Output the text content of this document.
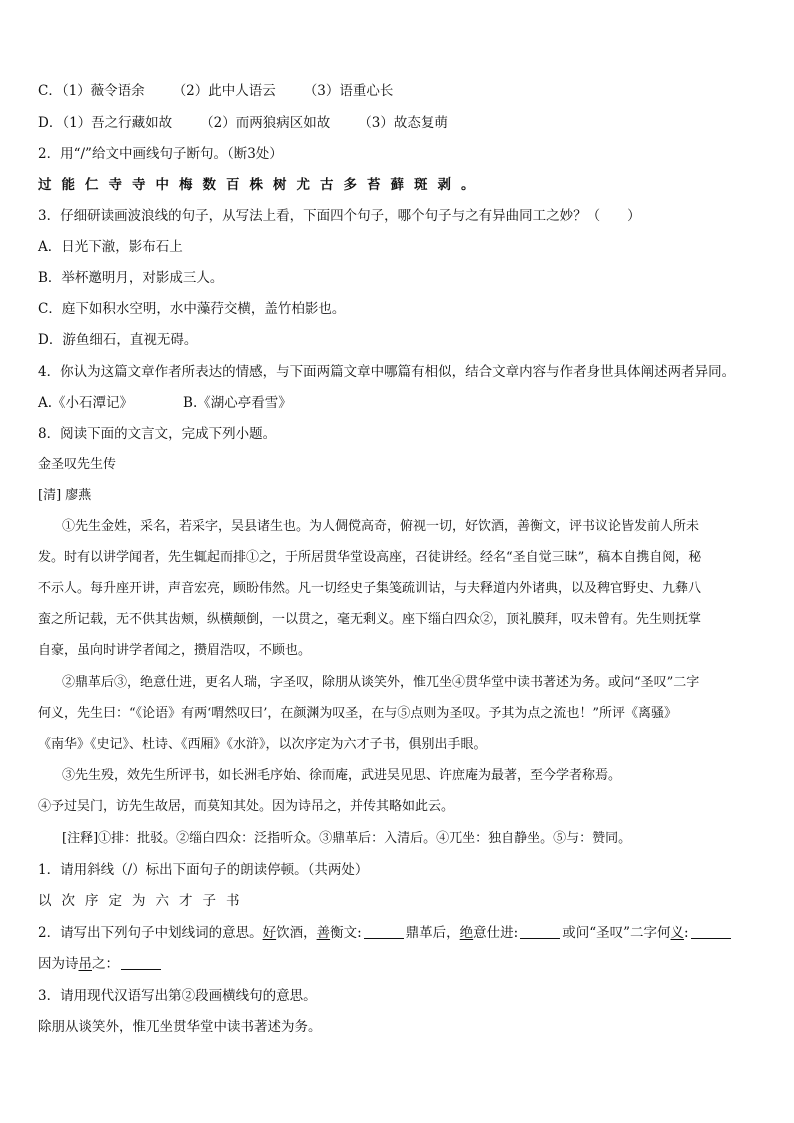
C．（1）薇令语余 （2）此中人语云 （3）语重心长
D．（1）吾之行藏如故 （2）而两狼病区如故 （3）故态复萌
2．用“/”给文中画线句子断句。（断3处）
过能仁寺寺中梅数百株树尤古多苔藓斑剥。
3．仔细研读画波浪线的句子，从写法上看，下面四个句子，哪个句子与之有异曲同工之妙？（　　）
A．日光下澈，影布石上
B．举杯邀明月，对影成三人。
C．庭下如积水空明，水中藻荇交横，盖竹柏影也。
D．游鱼细石，直视无碍。
4．你认为这篇文章作者所表达的情感，与下面两篇文章中哪篇有相似，结合文章内容与作者身世具体阐述两者异同。
A.《小石潭记》	B.《湖心亭看雪》
8．阅读下面的文言文，完成下列小题。
金圣叹先生传
[清] 廖燕
①先生金姓，采名，若采字，吴县诸生也。为人倜傥高奇，俯视一切，好饮酒，善衡文，评书议论皆发前人所未
发。时有以讲学闻者，先生辄起而排①之，于所居贯华堂设高座，召徒讲经。经名“圣自觉三昧”，稿本自携自阅，秘
不示人。每升座开讲，声音宏亮，顾盼伟然。凡一切经史子集笺疏训诂，与夫释道内外诸典，以及稗官野史、九彝八
蛮之所记载，无不供其齿颊，纵横颠倒，一以贯之，毫无剩义。座下缁白四众②，顶礼膜拜，叹未曾有。先生则抚掌
自豪，虽向时讲学者闻之，攒眉浩叹，不顾也。
②鼎革后③，绝意仕进，更名人瑞，字圣叹，除朋从谈笑外，惟兀坐④贯华堂中读书著述为务。或问“圣叹”二字
何义，先生曰：“《论语》有两‘喟然叹曰’，在颜渊为叹圣，在与⑤点则为圣叹。予其为点之流也！”所评《离骚》
《南华》《史记》、杜诗、《西厢》《水浒》，以次序定为六才子书，俱别出手眼。
③先生殁，效先生所评书，如长洲毛序始、徐而庵，武进吴见思、许庶庵为最著，至今学者称焉。
④予过吴门，访先生故居，而莫知其处。因为诗吊之，并传其略如此云。
[注释]①排：批驳。②缁白四众：泛指听众。③鼎革后：入清后。④兀坐：独自静坐。⑤与：赞同。
1．请用斜线（/）标出下面句子的朗读停顿。（共两处）
以次序定为六才子书
2．请写出下列句子中划线词的意思。好饮酒，善衡文:	鼎革后，绝意仕进:	或问“圣叹”二字何义:
因为诗吊之：
3．请用现代汉语写出第②段画横线句的意思。
除朋从谈笑外，惟兀坐贯华堂中读书著述为务。
